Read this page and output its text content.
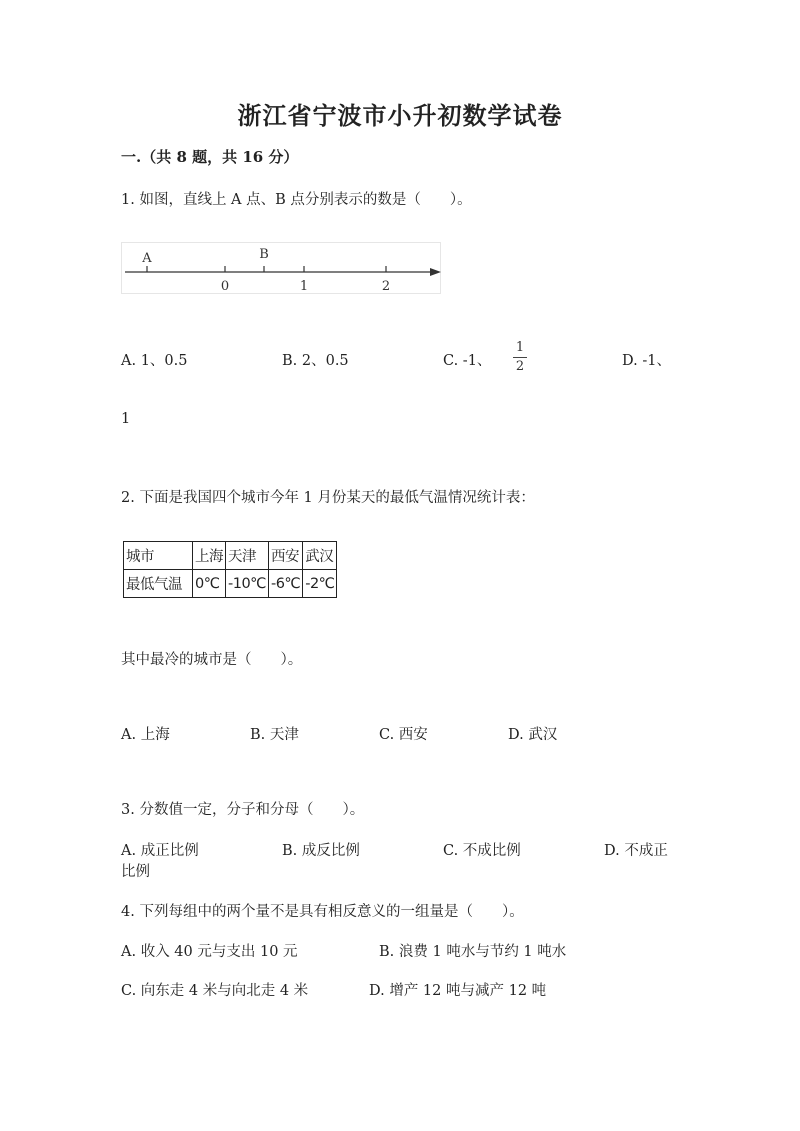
浙江省宁波市小升初数学试卷
一.（共 8 题，共 16 分）
1. 如图，直线上 A 点、B 点分别表示的数是（　　）。
A	B
0	1	2
A. 1、0.5	B. 2、0.5	C. -1、
1
2	D. -1、
1
2. 下面是我国四个城市今年 1 月份某天的最低气温情况统计表：
城市	上海	天津	西安	武汉
最低气温	0℃	-10℃	-6℃	-2℃
其中最冷的城市是（　　）。
A. 上海	B. 天津	C. 西安	D. 武汉
3. 分数值一定，分子和分母（　　）。
A. 成正比例	B. 成反比例	C. 不成比例	D. 不成正
比例
4. 下列每组中的两个量不是具有相反意义的一组量是（　　）。
A. 收入 40 元与支出 10 元	B. 浪费 1 吨水与节约 1 吨水
C. 向东走 4 米与向北走 4 米	D. 增产 12 吨与减产 12 吨
